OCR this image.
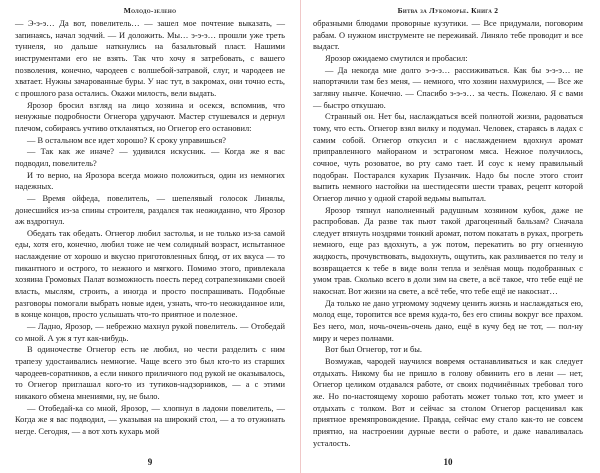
Молодо-зелено

— Э-э-э… Да вот, повелитель… — зашел мое почтение выказать, — запинаясь, начал зодчий. — И доложить. Мы… э-э-э… прошли уже треть туннеля, но дальше наткнулись на базальтовый пласт. Нашими инструментами его не взять. Так что хочу я затребовать, с вашего позволения, конечно, чародеев с волшебой-затравой, слуг, и чародеев не хватает. Нужны зачарованные буры. У нас тут, в закромах, они точно есть, с прошлого раза остались. Окажи милость, вели выдать.

Ярозор бросил взгляд на лицо хозяина и осекся, вспомнив, что ненужные подробности Огнегора удручают. Мастер стушевался и дернул плечом, собираясь учтиво откланяться, но Огнегор его остановил:

— В остальном все идет хорошо? К сроку управишься?

— Так как же иначе? — удивился искусник. — Когда же я вас подводил, повелитель?

И то верно, на Ярозора всегда можно положиться, один из немногих надежных.

— Время ойфеда, повелитель, — шепелявый голосок Линялы, донесшийся из-за спины строителя, раздался так неожиданно, что Ярозор аж вздрогнул.

Обедать так обедать. Огнегор любил застолья, и не только из-за самой еды, хотя его, конечно, любил тоже не чем солидный возраст, испытанное наслаждение от хорошо и вкусно приготовленных блюд, от их вкуса — то пикантного и острого, то нежного и мягкого. Помимо этого, привлекала хозяина Громовых Палат возможность поесть перед сотрапезниками своей власть, мыслям, строить, а иногда и просто поспрашивать. Подобные разговоры помогали выбрать новые идеи, узнать, что-то неожиданное или, в конце концов, просто услышать что-то приятное и полезное.

— Ладно, Ярозор, — небрежно махнул рукой повелитель. — Отобедай со мной. А уж я тут как-нибудь.

В одиночестве Огнегор есть не любил, но чести разделить с ним трапезу удостаивались немногие. Чаще всего это был кто-то из старших чародеев-соратников, а если никого приличного под рукой не оказывалось, то Огнегор приглашал кого-то из тутиков-надзорников, — а с этими никакого обмена мнениями, ну, не было.

— Отобедай-ка со мной, Ярозор, — хлопнул в ладони повелитель, — Когда же я вас подводил, — указывая на широкий стол, — а то отужинать негде. Сегодня, — а вот хоть кухарь мой

9
Битва за Лукоморье. Книга 2

образными блюдами проворные кузутики. — Все придумали, поговорим рабам. О нужном инструменте не переживай. Линяло тебе проводит и все выдаст.

Ярозор ожидаемо смутился и пробасил:

— Да некогда мне долго э-э-э… рассиживаться. Как бы э-э-э… не напортачили там без меня, — немного, что хозяин нахмурился, — Все же загляну нынче. Конечно. — Спасибо э-э-э… за честь. Пожелаю. Я с вами — быстро откушаю.

Странный он. Нет бы, наслаждаться всей полнотой жизни, радоваться тому, что есть. Огнегор взял вилку и подумал. Человек, стараясь в ладах с самим собой. Огнегор откусил и с наслаждением вдохнул аромат приправленного майораном и эстрагоном мяса. Нежное получилось, сочное, чуть розоватое, во рту само тает. И соус к нему правильный подобран. Постарался кухарик Пузанчик. Надо бы после этого стоит выпить немного настойки на шестидесяти шести травах, рецепт которой Огнегор лично у одной старой ведьмы выпытал.

Ярозор тяпнул наполненный радушным хозяином кубок, даже не распробовав. Да разве так пьют такой драгоценный бальзам? Сначала следует втянуть ноздрями тонкий аромат, потом покатать в руках, прогреть немного, еще раз вдохнуть, а уж потом, перекатить во рту огненную жидкость, прочувствовать, выдохнуть, ощутить, как разливается по телу и возвращается к тебе в виде волн тепла и зелёная мощь подобранных с умом трав. Сколько всего в доли зим на свете, а всё такое, что тебе ещё не накоснат. Вот жизни на свете, а всё тебе, что тебе ещё не накоснат…

Да только не дано угрюмому зодчему ценить жизнь и наслаждаться ею, молод еще, торопится все время куда-то, без его спины вокруг все прахом. Без него, мол, ночь-очень-очень дано, ещё в кучу бед не тот, — пол-ну миру и через полнами.

Вот был Огнегор, тот и бы.

Возмужав, чародей научился вовремя останавливаться и как следует отдыхать. Никому бы не пришло в голову обвинить его в лени — нет, Огнегор целиком отдавался работе, от своих подчинённых требовал того же. Но по-настоящему хорошо работать может только тот, кто умеет и отдыхать с толком. Вот и сейчас за столом Огнегор расценивал как приятное времяпровождение. Правда, сейчас ему стало как-то не совсем приятно, на настроении дурные вести о работе, и даже наваливалась усталость.

10
